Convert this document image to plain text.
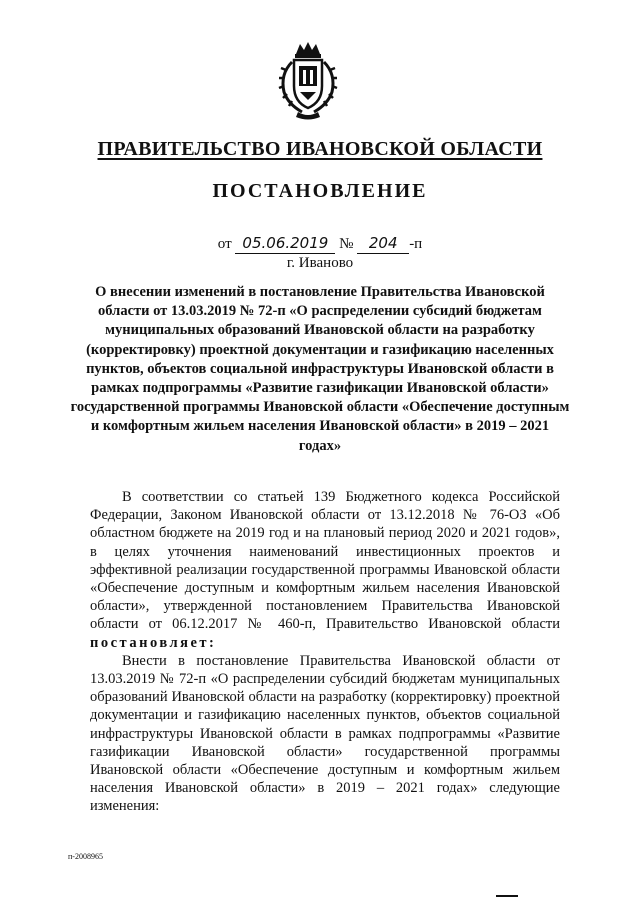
ПРАВИТЕЛЬСТВО ИВАНОВСКОЙ ОБЛАСТИ
ПОСТАНОВЛЕНИЕ
от 05.06.2019 № 204 -п
г. Иваново
О внесении изменений в постановление Правительства Ивановской области от 13.03.2019 № 72-п «О распределении субсидий бюджетам муниципальных образований Ивановской области на разработку (корректировку) проектной документации и газификацию населенных пунктов, объектов социальной инфраструктуры Ивановской области в рамках подпрограммы «Развитие газификации Ивановской области» государственной программы Ивановской области «Обеспечение доступным и комфортным жильем населения Ивановской области» в 2019 – 2021 годах»

В соответствии со статьей 139 Бюджетного кодекса Российской Федерации, Законом Ивановской области от 13.12.2018 № 76-ОЗ «Об областном бюджете на 2019 год и на плановый период 2020 и 2021 годов», в целях уточнения наименований инвестиционных проектов и эффективной реализации государственной программы Ивановской области «Обеспечение доступным и комфортным жильем населения Ивановской области», утвержденной постановлением Правительства Ивановской области от 06.12.2017 № 460-п, Правительство Ивановской области постановляет:

Внести в постановление Правительства Ивановской области от 13.03.2019 № 72-п «О распределении субсидий бюджетам муниципальных образований Ивановской области на разработку (корректировку) проектной документации и газификацию населенных пунктов, объектов социальной инфраструктуры Ивановской области в рамках подпрограммы «Развитие газификации Ивановской области» государственной программы Ивановской области «Обеспечение доступным и комфортным жильем населения Ивановской области» в 2019 – 2021 годах» следующие изменения:

п-2008965
